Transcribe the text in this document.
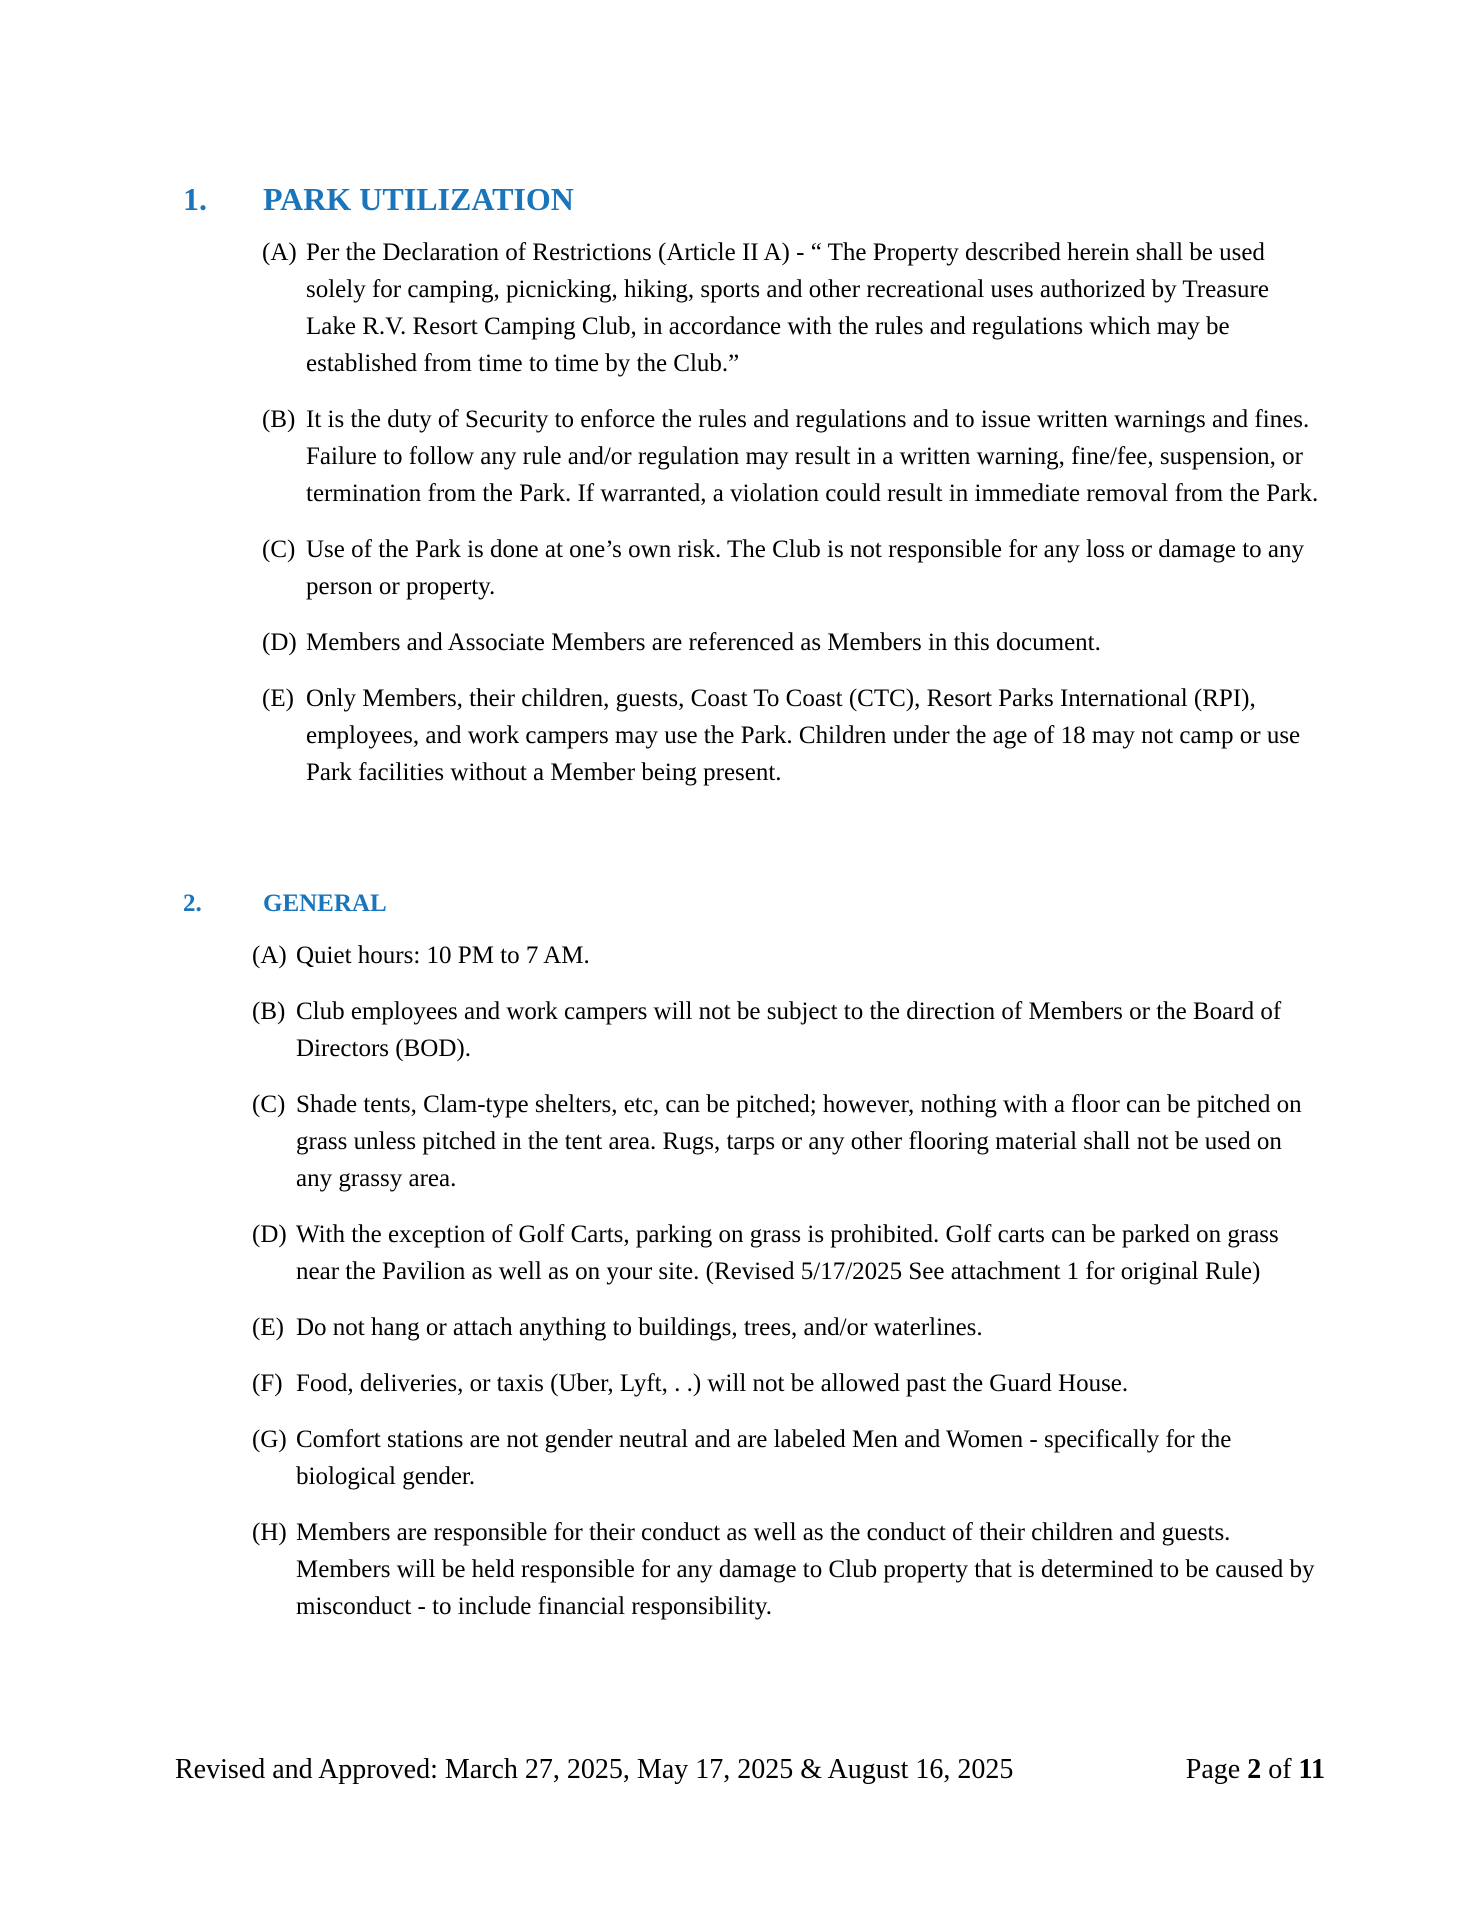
1. PARK UTILIZATION
(A) Per the Declaration of Restrictions (Article II A) - “ The Property described herein shall be used solely for camping, picnicking, hiking, sports and other recreational uses authorized by Treasure Lake R.V. Resort Camping Club, in accordance with the rules and regulations which may be established from time to time by the Club.”
(B) It is the duty of Security to enforce the rules and regulations and to issue written warnings and fines. Failure to follow any rule and/or regulation may result in a written warning, fine/fee, suspension, or termination from the Park. If warranted, a violation could result in immediate removal from the Park.
(C) Use of the Park is done at one’s own risk. The Club is not responsible for any loss or damage to any person or property.
(D) Members and Associate Members are referenced as Members in this document.
(E) Only Members, their children, guests, Coast To Coast (CTC), Resort Parks International (RPI), employees, and work campers may use the Park. Children under the age of 18 may not camp or use Park facilities without a Member being present.
2. GENERAL
(A) Quiet hours: 10 PM to 7 AM.
(B) Club employees and work campers will not be subject to the direction of Members or the Board of Directors (BOD).
(C) Shade tents, Clam-type shelters, etc, can be pitched; however, nothing with a floor can be pitched on grass unless pitched in the tent area. Rugs, tarps or any other flooring material shall not be used on any grassy area.
(D) With the exception of Golf Carts, parking on grass is prohibited. Golf carts can be parked on grass near the Pavilion as well as on your site. (Revised 5/17/2025 See attachment 1 for original Rule)
(E) Do not hang or attach anything to buildings, trees, and/or waterlines.
(F) Food, deliveries, or taxis (Uber, Lyft, . .) will not be allowed past the Guard House.
(G) Comfort stations are not gender neutral and are labeled Men and Women - specifically for the biological gender.
(H) Members are responsible for their conduct as well as the conduct of their children and guests. Members will be held responsible for any damage to Club property that is determined to be caused by misconduct - to include financial responsibility.
Revised and Approved: March 27, 2025, May 17, 2025 & August 16, 2025	Page 2 of 11
